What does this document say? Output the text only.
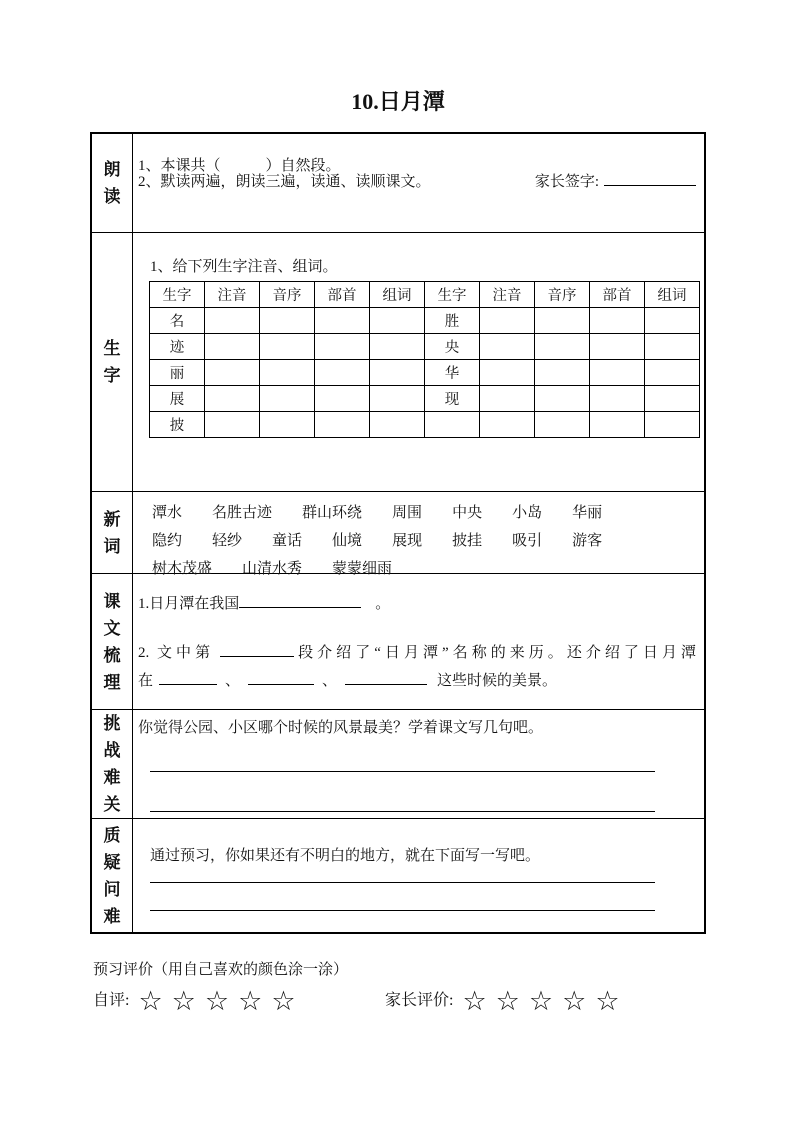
10.日月潭
朗读
1、本课共（　　　）自然段。
2、默读两遍，朗读三遍，读通、读顺课文。	家长签字:
生字
1、给下列生字注音、组词。
生字	注音	音序	部首	组词	生字	注音	音序	部首	组词
名					胜				
迹					央				
丽					华				
展					现				
披									
新词
潭水 名胜古迹 群山环绕 周围 中央 小岛 华丽
隐约 轻纱 童话 仙境 展现 披挂 吸引 游客
树木茂盛 山清水秀 蒙蒙细雨
课文梳理
1.日月潭在我国	。
2. 文中第	段介绍了“日月潭”名称的来历。还介绍了日月潭
在	、	、	这些时候的美景。
挑战难关
你觉得公园、小区哪个时候的风景最美？学着课文写几句吧。
质疑问难
通过预习，你如果还有不明白的地方，就在下面写一写吧。
预习评价（用自己喜欢的颜色涂一涂）
自评: ☆ ☆ ☆ ☆ ☆	家长评价: ☆ ☆ ☆ ☆ ☆
